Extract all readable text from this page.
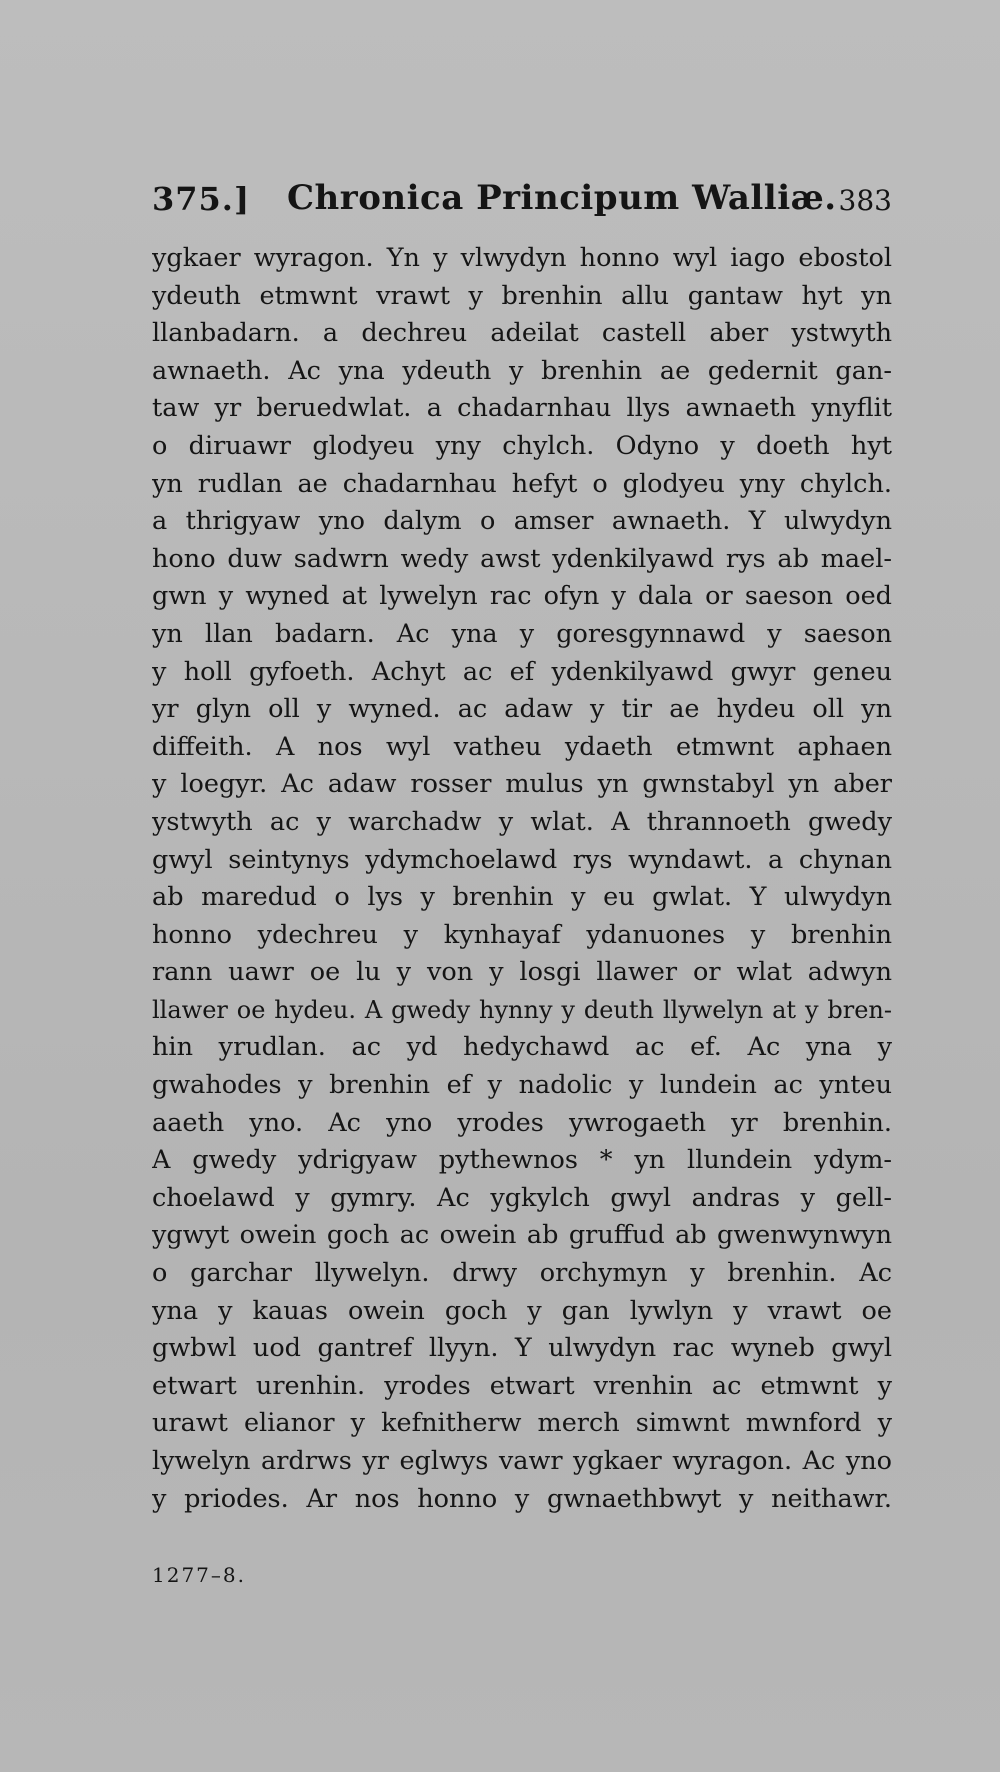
375.] Chronica Principum Walliæ. 383
ygkaer wyragon. Yn y vlwydyn honno wyl iago ebostol
ydeuth etmwnt vrawt y brenhin allu gantaw hyt yn
llanbadarn. a dechreu adeilat castell aber ystwyth
awnaeth. Ac yna ydeuth y brenhin ae gedernit gan-
taw yr beruedwlat. a chadarnhau llys awnaeth ynyflit
o diruawr glodyeu yny chylch. Odyno y doeth hyt
yn rudlan ae chadarnhau hefyt o glodyeu yny chylch.
a thrigyaw yno dalym o amser awnaeth. Y ulwydyn
hono duw sadwrn wedy awst ydenkilyawd rys ab mael-
gwn y wyned at lywelyn rac ofyn y dala or saeson oed
yn llan badarn. Ac yna y goresgynnawd y saeson
y holl gyfoeth. Achyt ac ef ydenkilyawd gwyr geneu
yr glyn oll y wyned. ac adaw y tir ae hydeu oll yn
diffeith. A nos wyl vatheu ydaeth etmwnt aphaen
y loegyr. Ac adaw rosser mulus yn gwnstabyl yn aber
ystwyth ac y warchadw y wlat. A thrannoeth gwedy
gwyl seintynys ydymchoelawd rys wyndawt. a chynan
ab maredud o lys y brenhin y eu gwlat. Y ulwydyn
honno ydechreu y kynhayaf ydanuones y brenhin
rann uawr oe lu y von y losgi llawer or wlat adwyn
llawer oe hydeu. A gwedy hynny y deuth llywelyn at y bren-
hin yrudlan. ac yd hedychawd ac ef. Ac yna y
gwahodes y brenhin ef y nadolic y lundein ac ynteu
aaeth yno. Ac yno yrodes ywrogaeth yr brenhin.
A gwedy ydrigyaw pythewnos * yn llundein ydym-
choelawd y gymry. Ac ygkylch gwyl andras y gell-
ygwyt owein goch ac owein ab gruffud ab gwenwynwyn
o garchar llywelyn. drwy orchymyn y brenhin. Ac
yna y kauas owein goch y gan lywlyn y vrawt oe
gwbwl uod gantref llyyn. Y ulwydyn rac wyneb gwyl
etwart urenhin. yrodes etwart vrenhin ac etmwnt y
urawt elianor y kefnitherw merch simwnt mwnford y
lywelyn ardrws yr eglwys vawr ygkaer wyragon. Ac yno
y priodes. Ar nos honno y gwnaethbwyt y neithawr.
1277–8.
